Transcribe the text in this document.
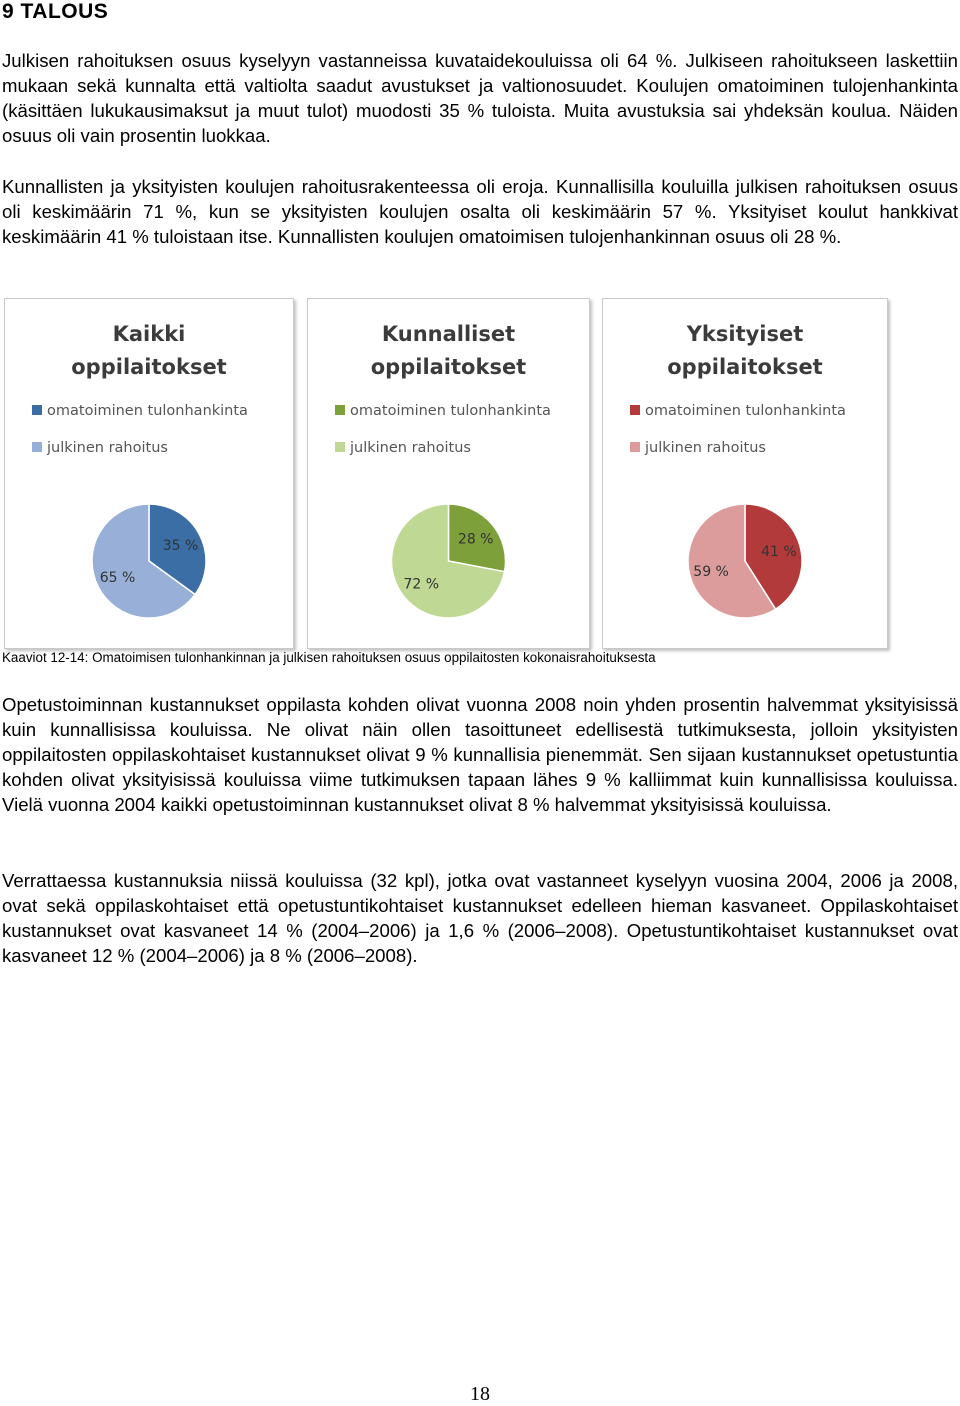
9 TALOUS

Julkisen rahoituksen osuus kyselyyn vastanneissa kuvataidekouluissa oli 64 %. Julkiseen rahoitukseen laskettiin mukaan sekä kunnalta että valtiolta saadut avustukset ja valtionosuudet. Koulujen omatoiminen tulojenhankinta (käsittäen lukukausimaksut ja muut tulot) muodosti 35 % tuloista. Muita avustuksia sai yhdeksän koulua. Näiden osuus oli vain prosentin luokkaa.

Kunnallisten ja yksityisten koulujen rahoitusrakenteessa oli eroja. Kunnallisilla kouluilla julkisen rahoituksen osuus oli keskimäärin 71 %, kun se yksityisten koulujen osalta oli keskimäärin 57 %. Yksityiset koulut hankkivat keskimäärin 41 % tuloistaan itse. Kunnallisten koulujen omatoimisen tulojenhankinnan osuus oli 28 %.

Kaikki
oppilaitokset
omatoiminen tulonhankinta
julkinen rahoitus
35 %
65 %
Kunnalliset
oppilaitokset
omatoiminen tulonhankinta
julkinen rahoitus
28 %
72 %
Yksityiset
oppilaitokset
omatoiminen tulonhankinta
julkinen rahoitus
41 %
59 %
Kaaviot 12-14: Omatoimisen tulonhankinnan ja julkisen rahoituksen osuus oppilaitosten kokonaisrahoituksesta

Opetustoiminnan kustannukset oppilasta kohden olivat vuonna 2008 noin yhden prosentin halvemmat yksityisissä kuin kunnallisissa kouluissa. Ne olivat näin ollen tasoittuneet edellisestä tutkimuksesta, jolloin yksityisten oppilaitosten oppilaskohtaiset kustannukset olivat 9 % kunnallisia pienemmät. Sen sijaan kustannukset opetustuntia kohden olivat yksityisissä kouluissa viime tutkimuksen tapaan lähes 9 % kalliimmat kuin kunnallisissa kouluissa. Vielä vuonna 2004 kaikki opetustoiminnan kustannukset olivat 8 % halvemmat yksityisissä kouluissa.

Verrattaessa kustannuksia niissä kouluissa (32 kpl), jotka ovat vastanneet kyselyyn vuosina 2004, 2006 ja 2008, ovat sekä oppilaskohtaiset että opetustuntikohtaiset kustannukset edelleen hieman kasvaneet. Oppilaskohtaiset kustannukset ovat kasvaneet 14 % (2004–2006) ja 1,6 % (2006–2008). Opetustuntikohtaiset kustannukset ovat kasvaneet 12 % (2004–2006) ja 8 % (2006–2008).

18
